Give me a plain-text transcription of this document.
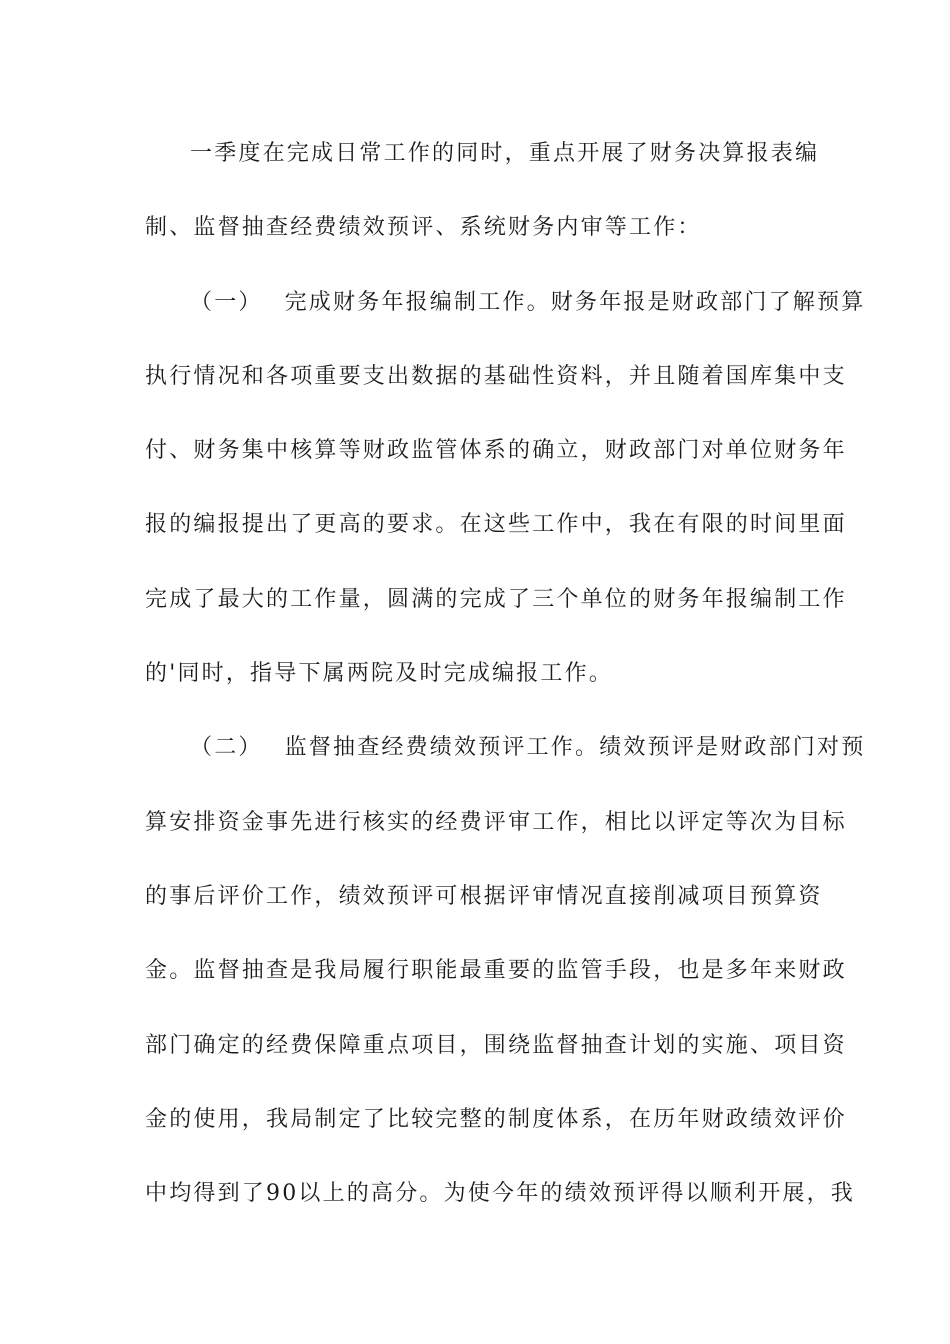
一季度在完成日常工作的同时，重点开展了财务决算报表编
制、监督抽查经费绩效预评、系统财务内审等工作：
（一） 完成财务年报编制工作。财务年报是财政部门了解预算
执行情况和各项重要支出数据的基础性资料，并且随着国库集中支
付、财务集中核算等财政监管体系的确立，财政部门对单位财务年
报的编报提出了更高的要求。在这些工作中，我在有限的时间里面
完成了最大的工作量，圆满的完成了三个单位的财务年报编制工作
的'同时，指导下属两院及时完成编报工作。
（二） 监督抽查经费绩效预评工作。绩效预评是财政部门对预
算安排资金事先进行核实的经费评审工作，相比以评定等次为目标
的事后评价工作，绩效预评可根据评审情况直接削减项目预算资
金。监督抽查是我局履行职能最重要的监管手段，也是多年来财政
部门确定的经费保障重点项目，围绕监督抽查计划的实施、项目资
金的使用，我局制定了比较完整的制度体系，在历年财政绩效评价
中均得到了90以上的高分。为使今年的绩效预评得以顺利开展，我
